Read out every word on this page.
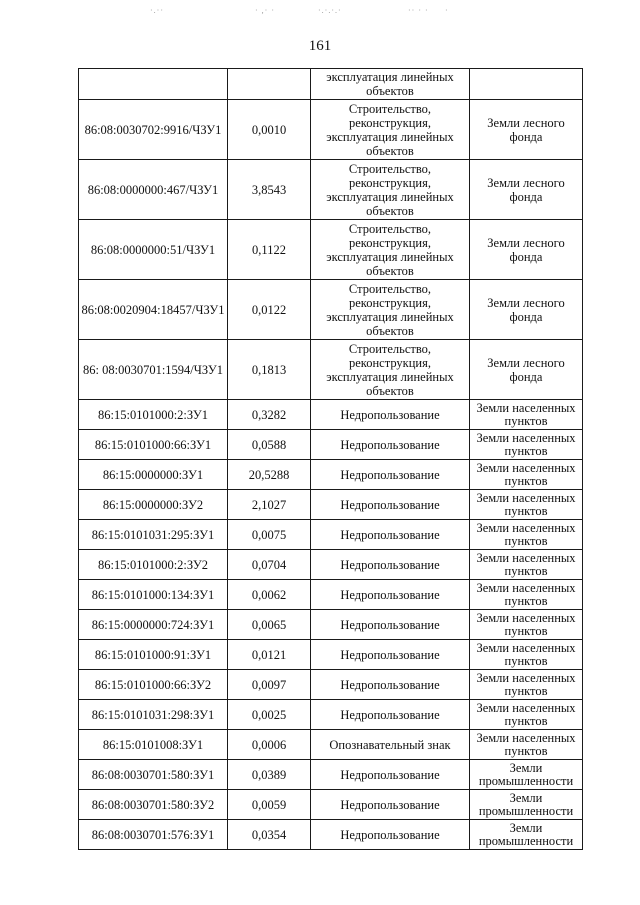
·.··	· ,· ·	·.·.·.·	·· · · ·
161
		эксплуатация линейных объектов	
86:08:0030702:9916/ЧЗУ1	0,0010	Строительство, реконструкция, эксплуатация линейных объектов	Земли лесного фонда
86:08:0000000:467/ЧЗУ1	3,8543	Строительство, реконструкция, эксплуатация линейных объектов	Земли лесного фонда
86:08:0000000:51/ЧЗУ1	0,1122	Строительство, реконструкция, эксплуатация линейных объектов	Земли лесного фонда
86:08:0020904:18457/ЧЗУ1	0,0122	Строительство, реконструкция, эксплуатация линейных объектов	Земли лесного фонда
86: 08:0030701:1594/ЧЗУ1	0,1813	Строительство, реконструкция, эксплуатация линейных объектов	Земли лесного фонда
86:15:0101000:2:ЗУ1	0,3282	Недропользование	Земли населенных пунктов
86:15:0101000:66:ЗУ1	0,0588	Недропользование	Земли населенных пунктов
86:15:0000000:ЗУ1	20,5288	Недропользование	Земли населенных пунктов
86:15:0000000:ЗУ2	2,1027	Недропользование	Земли населенных пунктов
86:15:0101031:295:ЗУ1	0,0075	Недропользование	Земли населенных пунктов
86:15:0101000:2:ЗУ2	0,0704	Недропользование	Земли населенных пунктов
86:15:0101000:134:ЗУ1	0,0062	Недропользование	Земли населенных пунктов
86:15:0000000:724:ЗУ1	0,0065	Недропользование	Земли населенных пунктов
86:15:0101000:91:ЗУ1	0,0121	Недропользование	Земли населенных пунктов
86:15:0101000:66:ЗУ2	0,0097	Недропользование	Земли населенных пунктов
86:15:0101031:298:ЗУ1	0,0025	Недропользование	Земли населенных пунктов
86:15:0101008:ЗУ1	0,0006	Опознавательный знак	Земли населенных пунктов
86:08:0030701:580:ЗУ1	0,0389	Недропользование	Земли промышленности
86:08:0030701:580:ЗУ2	0,0059	Недропользование	Земли промышленности
86:08:0030701:576:ЗУ1	0,0354	Недропользование	Земли промышленности
